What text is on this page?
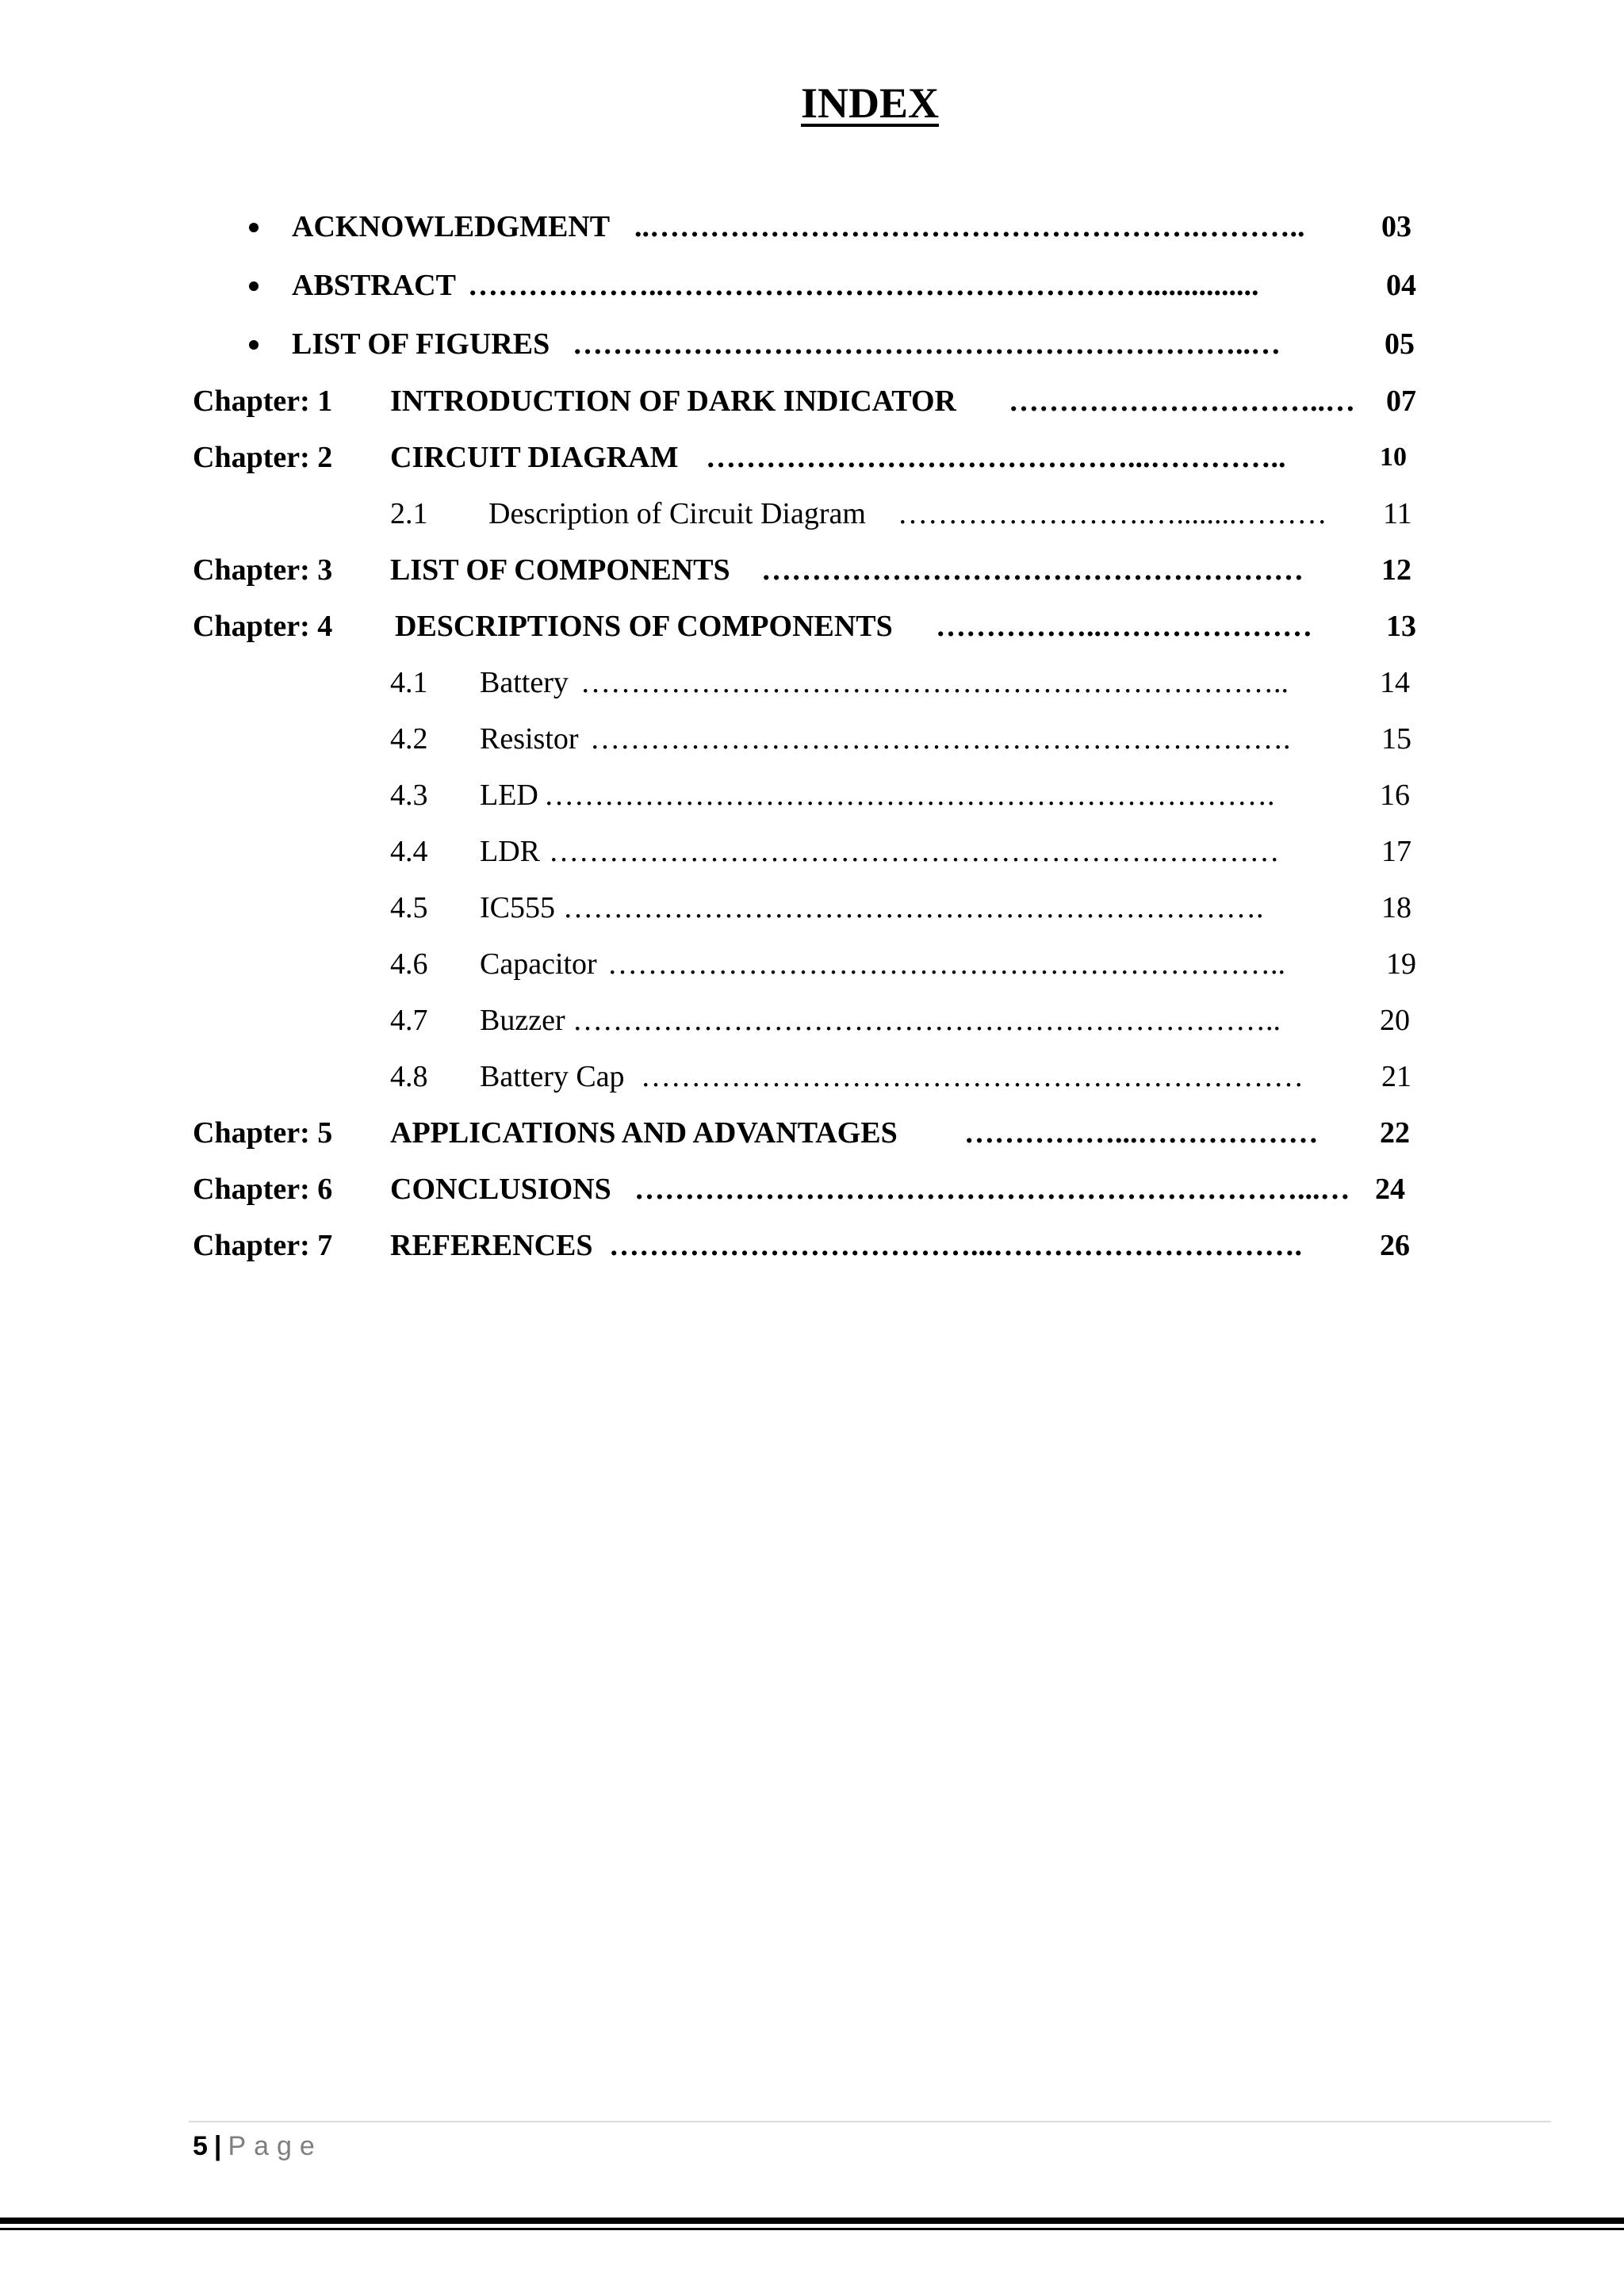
INDEX
ACKNOWLEDGMENT ..……………………………………………….………..	03
ABSTRACT ………………..…………………………………………...............	04
LIST OF FIGURES …………………………………………………………..…	05
Chapter: 1 INTRODUCTION OF DARK INDICATOR …………………………..…	07
Chapter: 2 CIRCUIT DIAGRAM ……………………………………...…………..	10
2.1 Description of Circuit Diagram …………………….…........………	11
Chapter: 3 LIST OF COMPONENTS ………………………………………………	12
Chapter: 4 DESCRIPTIONS OF COMPONENTS ……………..…………………	13
4.1 Battery ……………………………………………………………..	14
4.2 Resistor …………………………………………………………….	15
4.3 LED ……………………………………………………………….	16
4.4 LDR …………………………………………………….…………	17
4.5 IC555 …………………………………………………………….	18
4.6 Capacitor …………………………………………………………..	19
4.7 Buzzer ……………………………………………………………..	20
4.8 Battery Cap …………………………………………………………	21
Chapter: 5 APPLICATIONS AND ADVANTAGES ……………...………………	22
Chapter: 6 CONCLUSIONS …………………………………………………………...… 24
Chapter: 7 REFERENCES ………………………………...………………………….	26
5 | Page
